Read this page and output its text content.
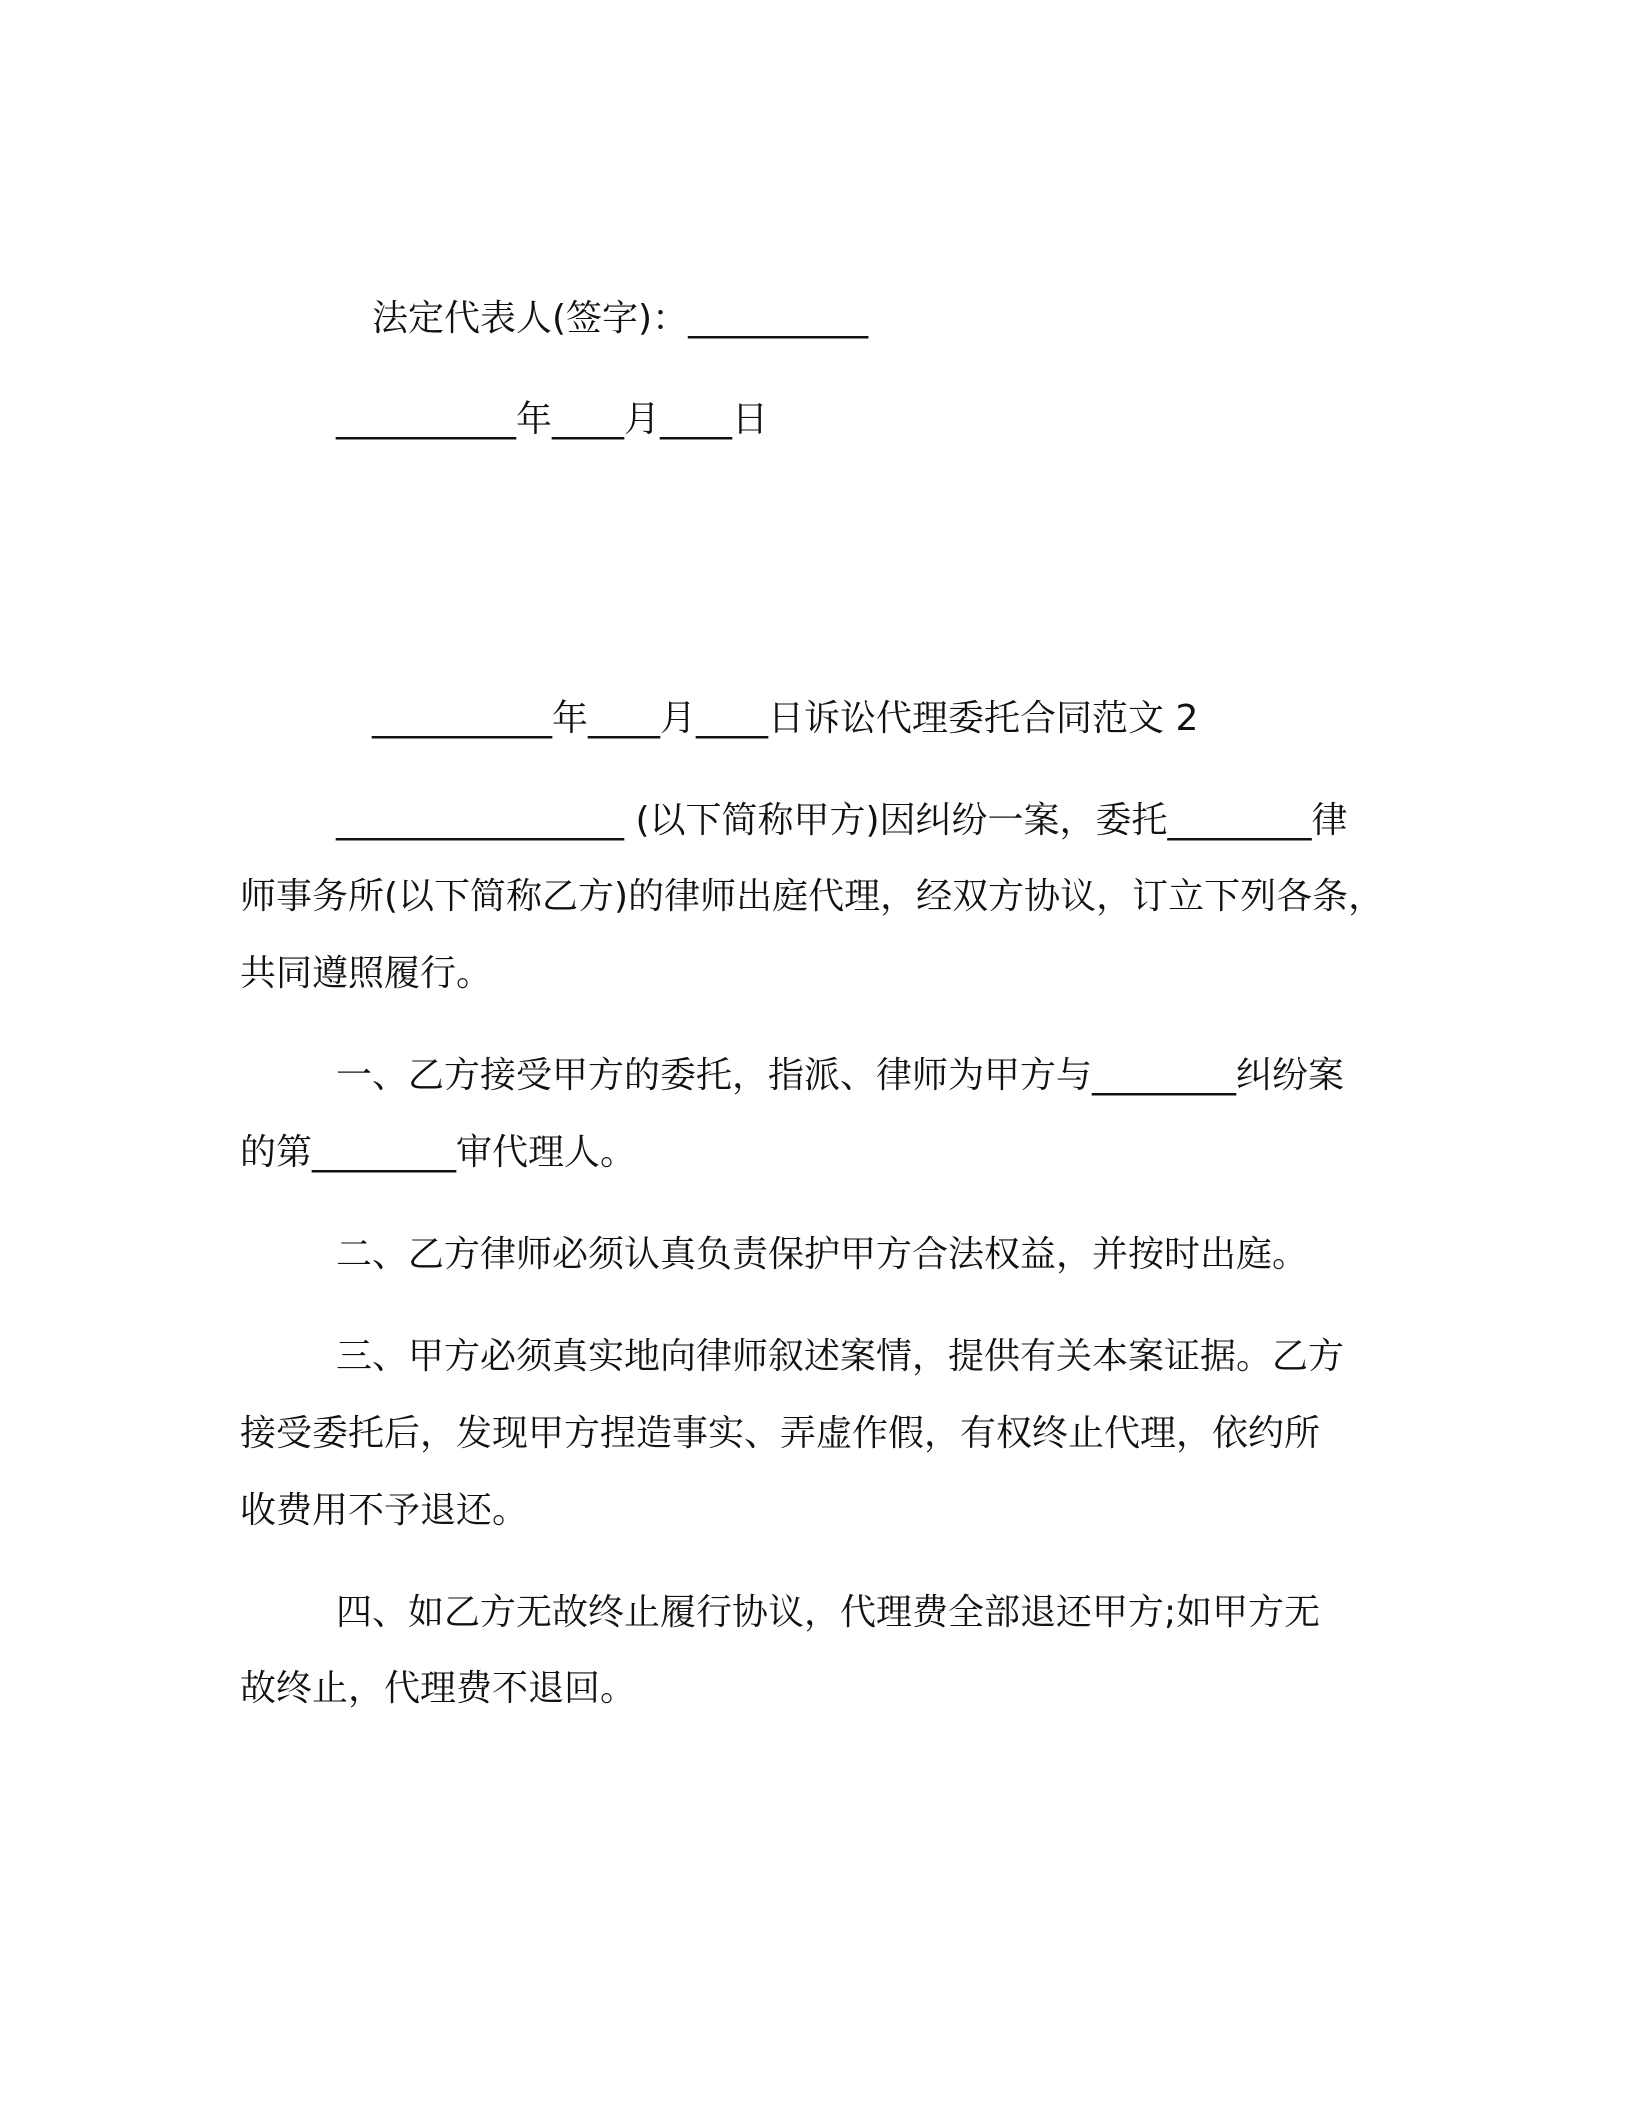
法定代表人(签字)：__________
__________年____月____日
__________年____月____日诉讼代理委托合同范文 2
________________ (以下简称甲方)因纠纷一案，委托________律
师事务所(以下简称乙方)的律师出庭代理，经双方协议，订立下列各条，
共同遵照履行。
一、乙方接受甲方的委托，指派、律师为甲方与________纠纷案
的第________审代理人。
二、乙方律师必须认真负责保护甲方合法权益，并按时出庭。
三、甲方必须真实地向律师叙述案情，提供有关本案证据。乙方
接受委托后，发现甲方捏造事实、弄虚作假，有权终止代理，依约所
收费用不予退还。
四、如乙方无故终止履行协议，代理费全部退还甲方;如甲方无
故终止，代理费不退回。
